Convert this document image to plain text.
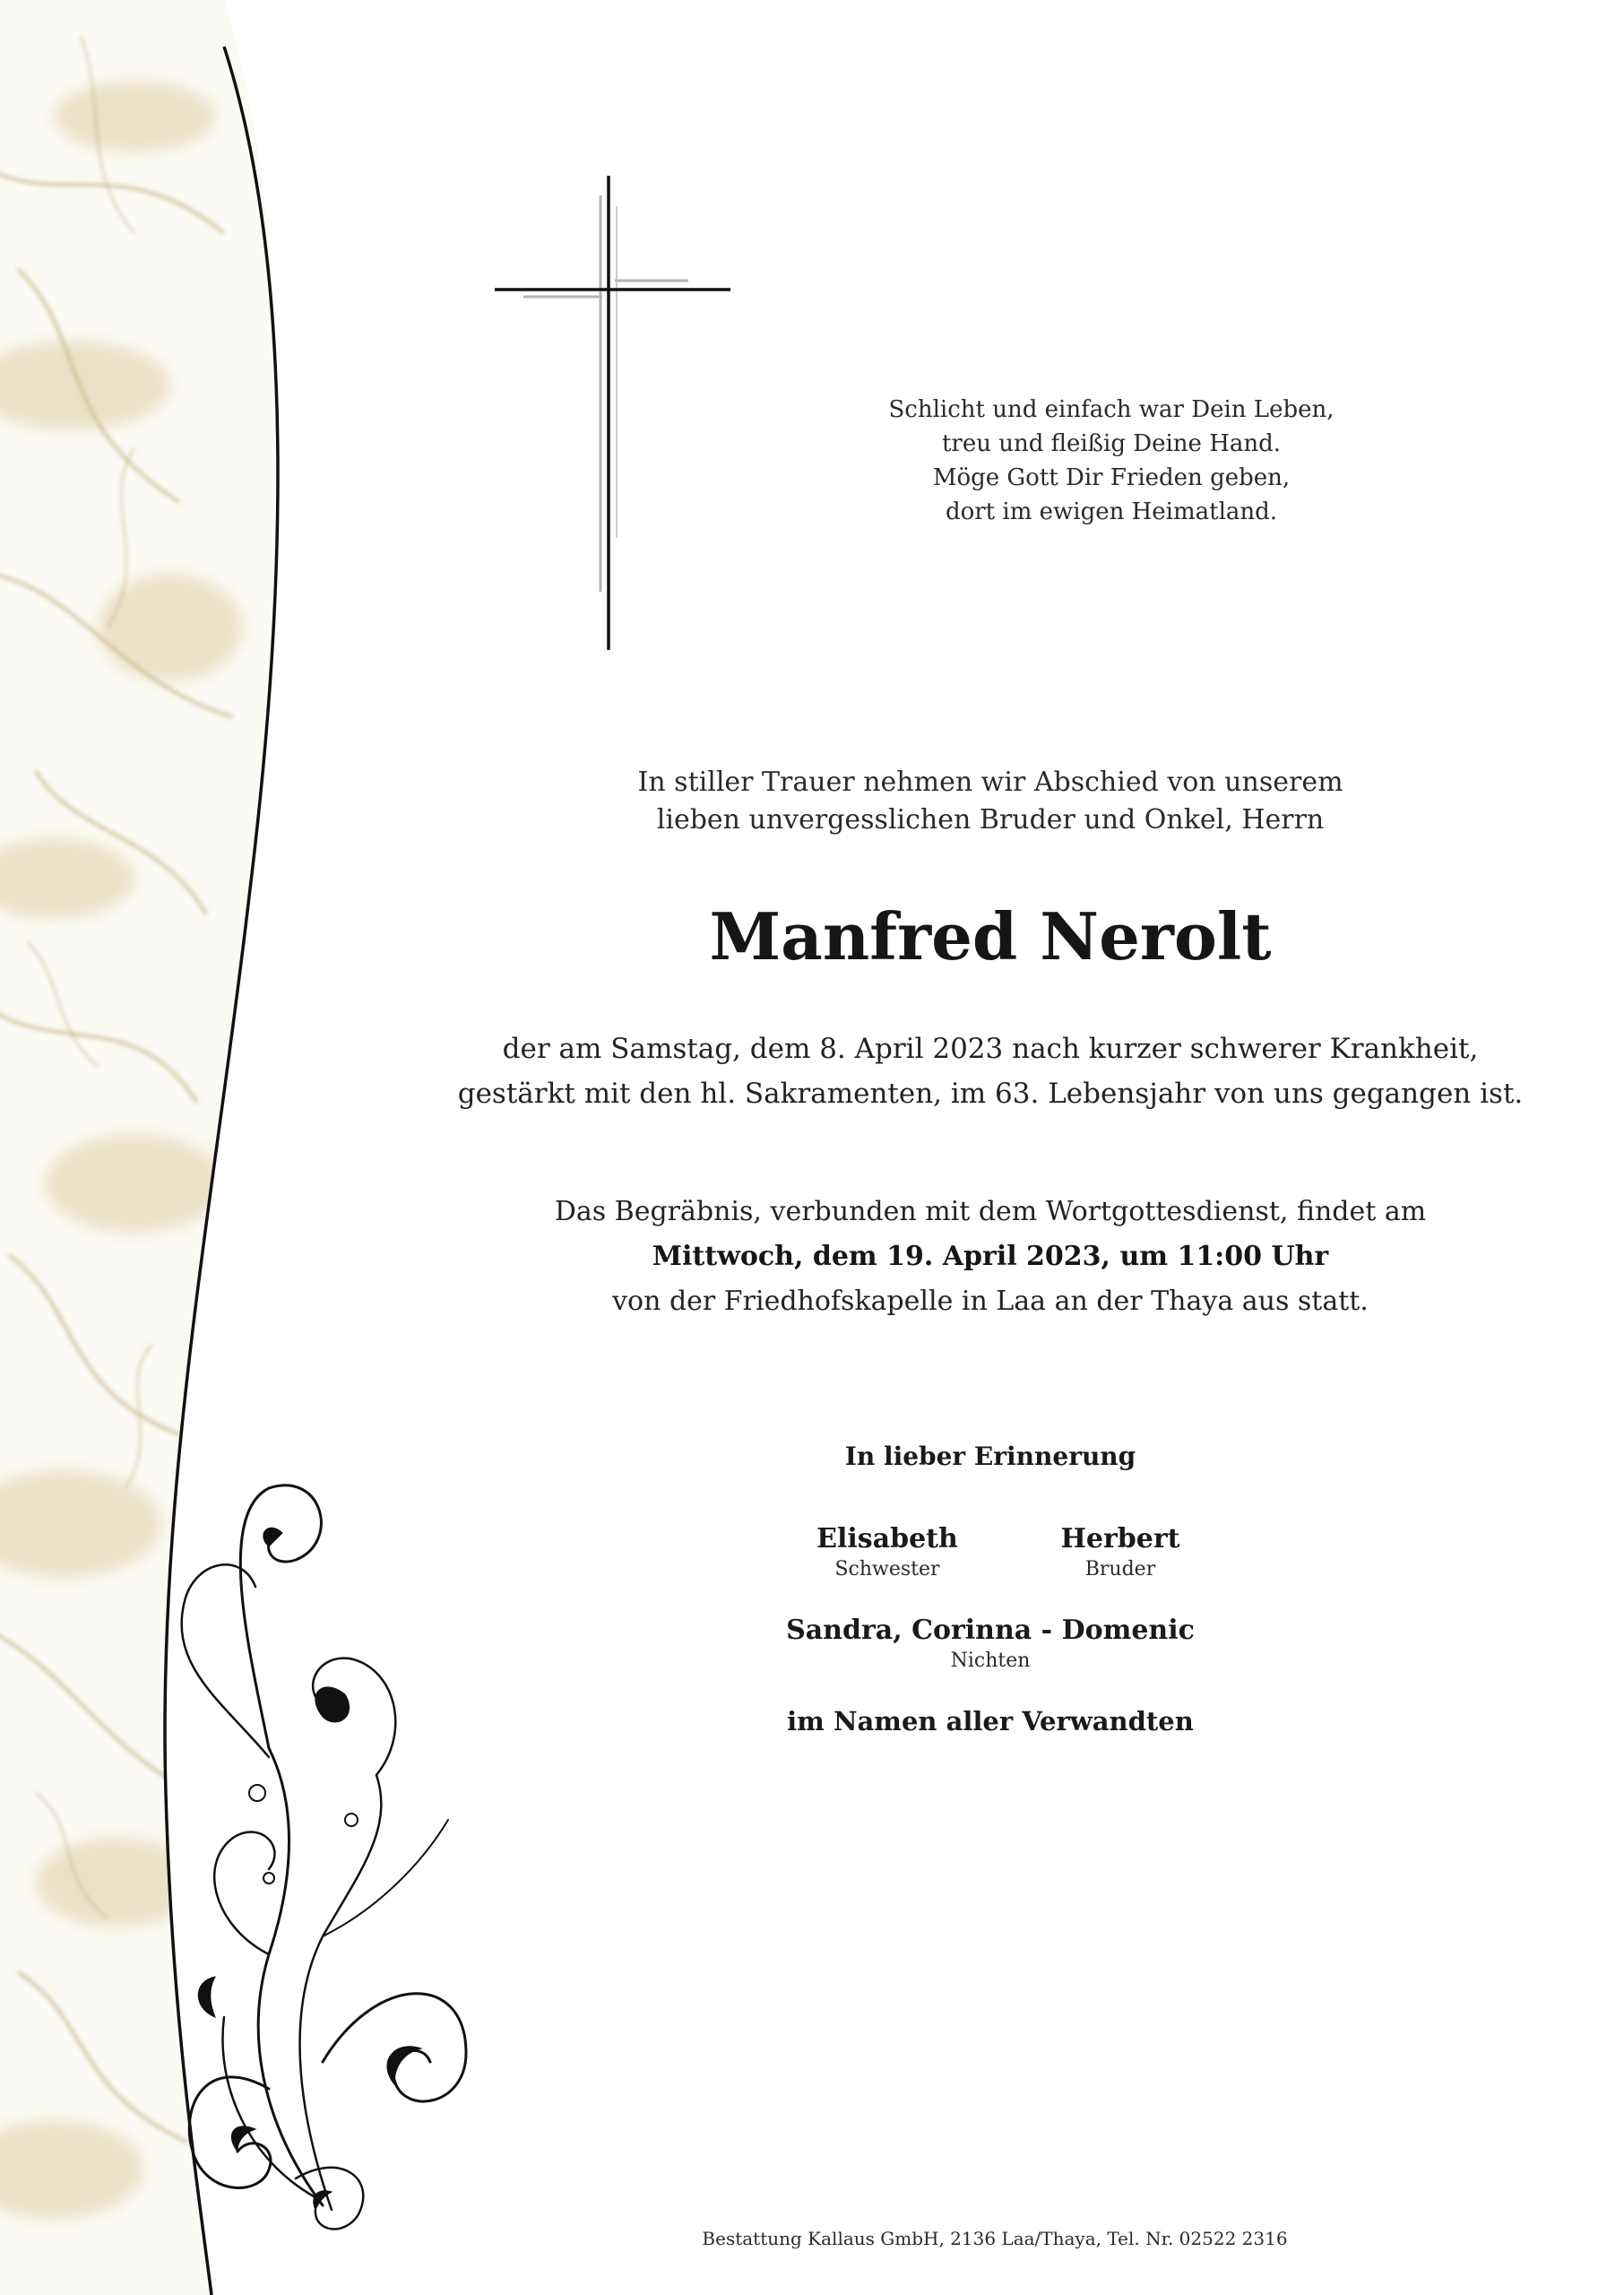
Schlicht und einfach war Dein Leben,
treu und fleißig Deine Hand.
Möge Gott Dir Frieden geben,
dort im ewigen Heimatland.
In stiller Trauer nehmen wir Abschied von unserem
lieben unvergesslichen Bruder und Onkel, Herrn
Manfred Nerolt
der am Samstag, dem 8. April 2023 nach kurzer schwerer Krankheit,
gestärkt mit den hl. Sakramenten, im 63. Lebensjahr von uns gegangen ist.
Das Begräbnis, verbunden mit dem Wortgottesdienst, findet am
Mittwoch, dem 19. April 2023, um 11:00 Uhr
von der Friedhofskapelle in Laa an der Thaya aus statt.
In lieber Erinnerung
Elisabeth
Schwester
Herbert
Bruder
Sandra, Corinna - Domenic
Nichten
im Namen aller Verwandten
Bestattung Kallaus GmbH, 2136 Laa/Thaya, Tel. Nr. 02522 2316
